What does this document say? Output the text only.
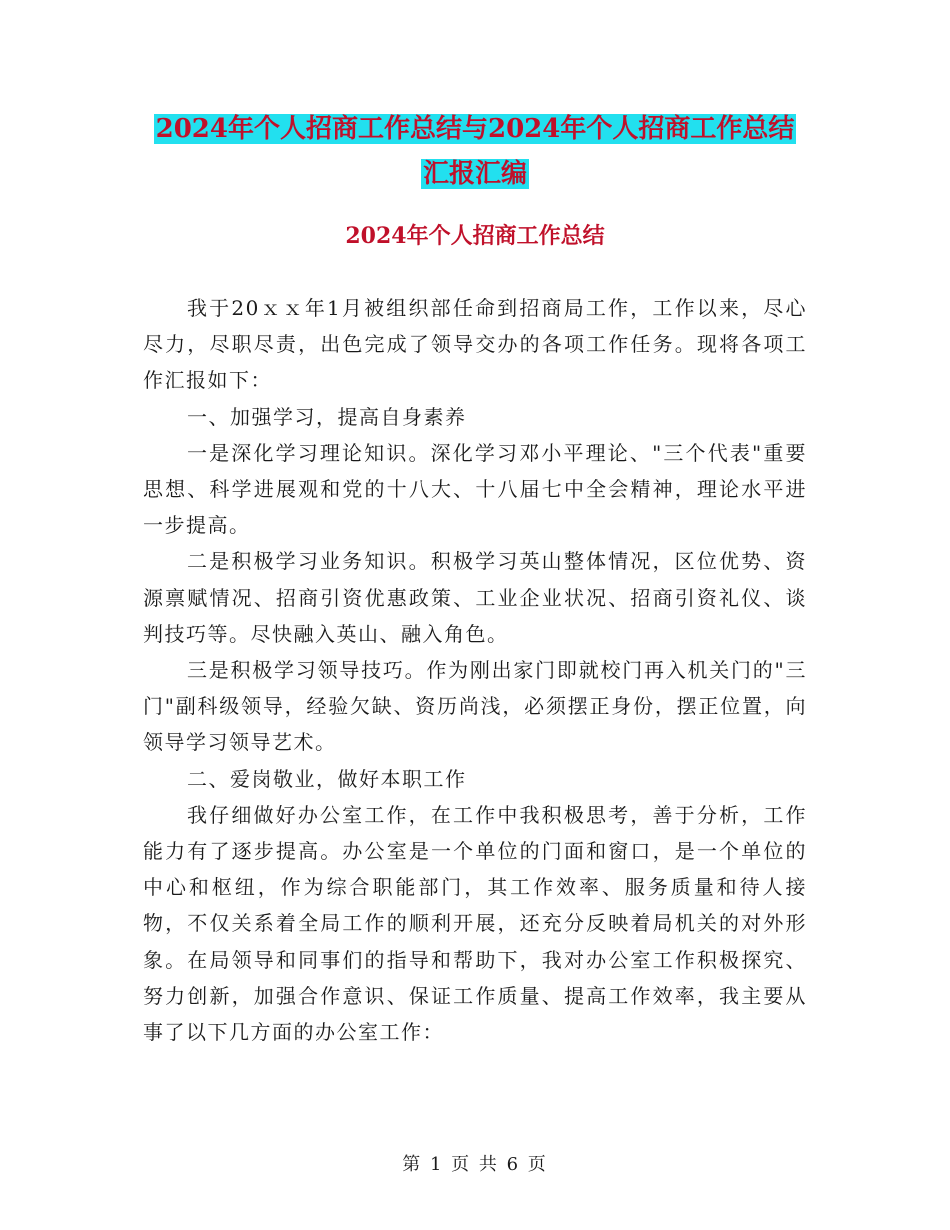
2024年个人招商工作总结与2024年个人招商工作总结
汇报汇编
2024年个人招商工作总结

我于20ｘｘ年1月被组织部任命到招商局工作，工作以来，尽心尽力，尽职尽责，出色完成了领导交办的各项工作任务。现将各项工作汇报如下：

一、加强学习，提高自身素养

一是深化学习理论知识。深化学习邓小平理论、"三个代表"重要思想、科学进展观和党的十八大、十八届七中全会精神，理论水平进一步提高。

二是积极学习业务知识。积极学习英山整体情况，区位优势、资源禀赋情况、招商引资优惠政策、工业企业状况、招商引资礼仪、谈判技巧等。尽快融入英山、融入角色。

三是积极学习领导技巧。作为刚出家门即就校门再入机关门的"三门"副科级领导，经验欠缺、资历尚浅，必须摆正身份，摆正位置，向领导学习领导艺术。

二、爱岗敬业，做好本职工作

我仔细做好办公室工作，在工作中我积极思考，善于分析，工作能力有了逐步提高。办公室是一个单位的门面和窗口，是一个单位的中心和枢纽，作为综合职能部门，其工作效率、服务质量和待人接物，不仅关系着全局工作的顺利开展，还充分反映着局机关的对外形象。在局领导和同事们的指导和帮助下，我对办公室工作积极探究、努力创新，加强合作意识、保证工作质量、提高工作效率，我主要从事了以下几方面的办公室工作：

第 1 页 共 6 页
